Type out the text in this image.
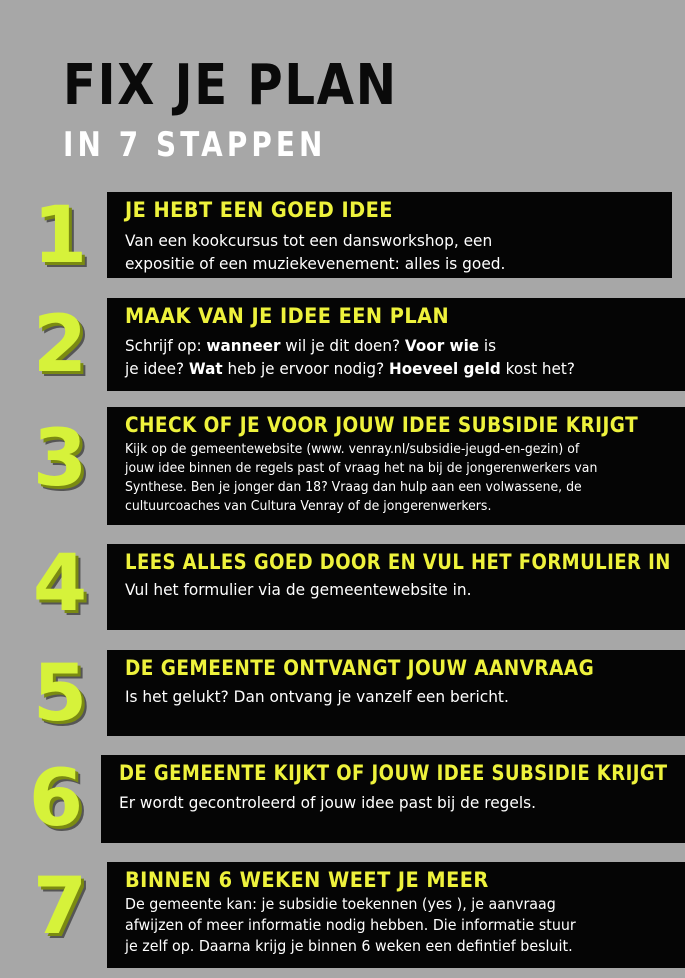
FIX JE PLAN
IN 7 STAPPEN
1	JE HEBT EEN GOED IDEE
Van een kookcursus tot een dansworkshop, een
expositie of een muziekevenement: alles is goed.
2	MAAK VAN JE IDEE EEN PLAN
Schrijf op: wanneer wil je dit doen? Voor wie is
je idee? Wat heb je ervoor nodig? Hoeveel geld kost het?
3	CHECK OF JE VOOR JOUW IDEE SUBSIDIE KRIJGT
Kijk op de gemeentewebsite (www. venray.nl/subsidie-jeugd-en-gezin) of
jouw idee binnen de regels past of vraag het na bij de jongerenwerkers van
Synthese. Ben je jonger dan 18? Vraag dan hulp aan een volwassene, de
cultuurcoaches van Cultura Venray of de jongerenwerkers.
4	LEES ALLES GOED DOOR EN VUL HET FORMULIER IN
Vul het formulier via de gemeentewebsite in.
5	DE GEMEENTE ONTVANGT JOUW AANVRAAG
Is het gelukt? Dan ontvang je vanzelf een bericht.
6	DE GEMEENTE KIJKT OF JOUW IDEE SUBSIDIE KRIJGT
Er wordt gecontroleerd of jouw idee past bij de regels.
7	BINNEN 6 WEKEN WEET JE MEER
De gemeente kan: je subsidie toekennen (yes ), je aanvraag
afwijzen of meer informatie nodig hebben. Die informatie stuur
je zelf op. Daarna krijg je binnen 6 weken een defintief besluit.
